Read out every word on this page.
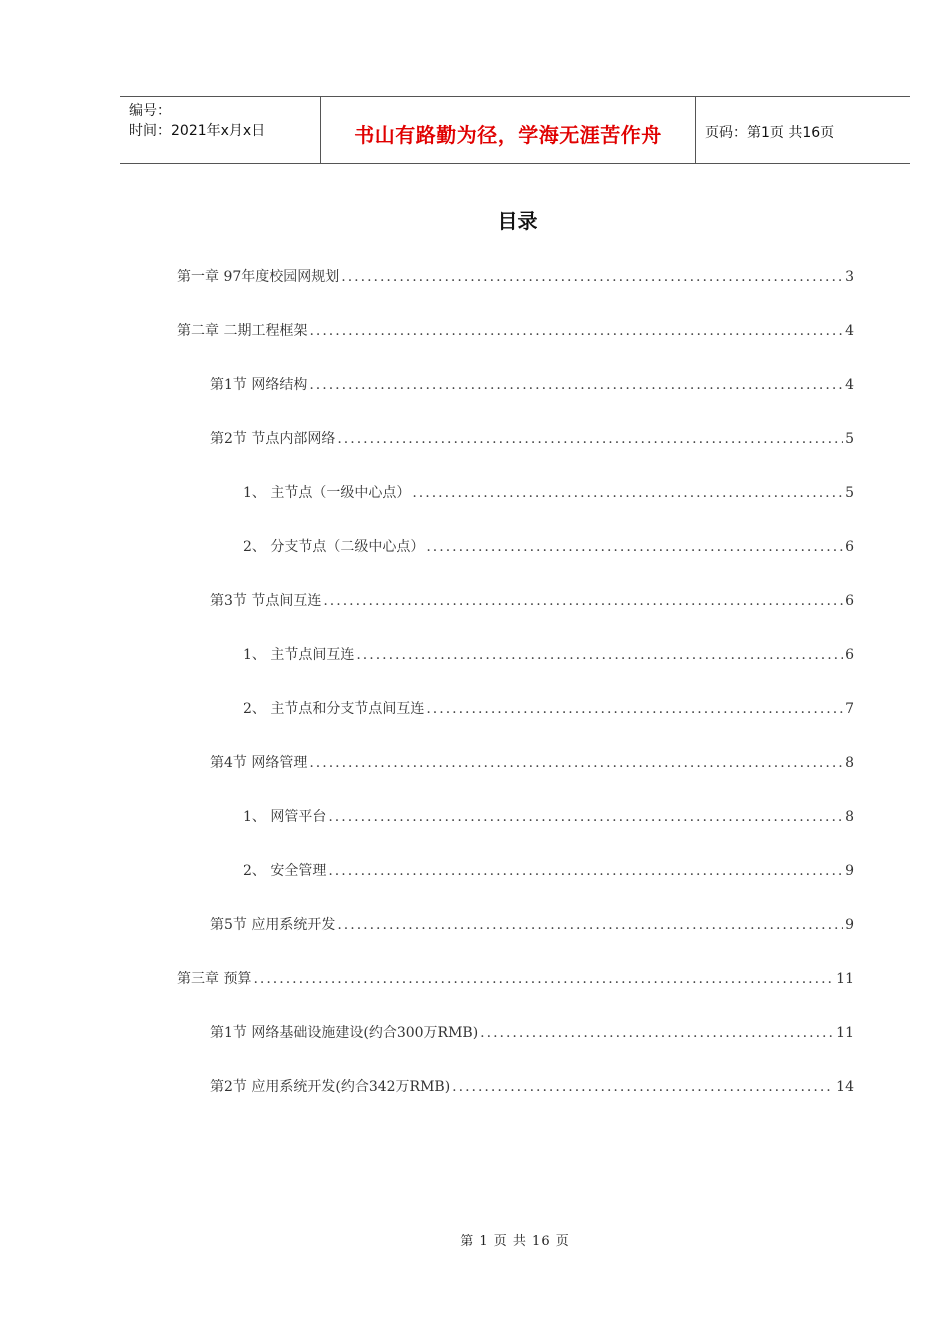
编号：
时间：2021年x月x日	书山有路勤为径，学海无涯苦作舟	页码：第1页 共16页
目录
第一章 97年度校园网规划 .....	3
第二章 二期工程框架 .....	4
第1节 网络结构 .....	4
第2节 节点内部网络 .....	5
1、 主节点（一级中心点） .....	5
2、 分支节点（二级中心点） .....	6
第3节 节点间互连 .....	6
1、 主节点间互连 .....	6
2、 主节点和分支节点间互连 .....	7
第4节 网络管理 .....	8
1、 网管平台 .....	8
2、 安全管理 .....	9
第5节 应用系统开发 .....	9
第三章 预算 .....	11
第1节 网络基础设施建设(约合300万RMB) .....	11
第2节 应用系统开发(约合342万RMB) .....	14
第 1 页 共 16 页
